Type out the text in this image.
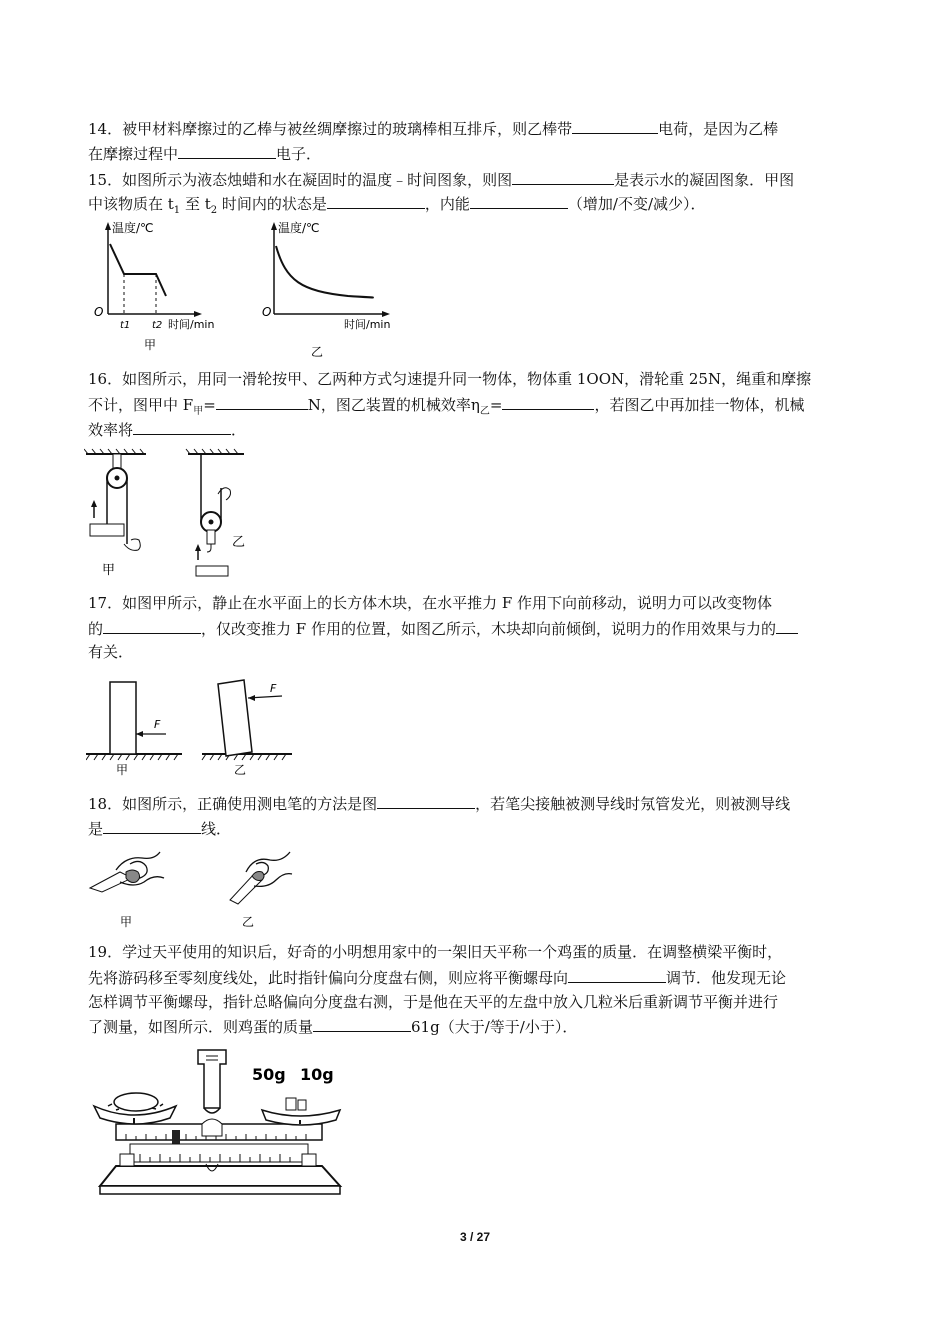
14．被甲材料摩擦过的乙棒与被丝绸摩擦过的玻璃棒相互排斥，则乙棒带	电荷，是因为乙棒
在摩擦过程中	电子．
15．如图所示为液态烛蜡和水在凝固时的温度﹣时间图象，则图	是表示水的凝固图象．甲图
中该物质在 $t_1$ 至 $t_2$ 时间内的状态是	，内能	（增加/不变/减少）．
温度/℃
O
t1 t2 时间/min
甲
温度/℃
O
时间/min
乙
16．如图所示，用同一滑轮按甲、乙两种方式匀速提升同一物体，物体重 1OON，滑轮重 25N，绳重和摩擦
不计，图甲中 $F_甲=$	N，图乙装置的机械效率$\eta_乙=$	，若图乙中再加挂一物体，机械
效率将	．
甲
乙
17．如图甲所示，静止在水平面上的长方体木块，在水平推力 F 作用下向前移动，说明力可以改变物体
的	，仅改变推力 F 作用的位置，如图乙所示，木块却向前倾倒，说明力的作用效果与力的
有关．
F
甲
F
乙
18．如图所示，正确使用测电笔的方法是图	，若笔尖接触被测导线时氖管发光，则被测导线
是	线．
甲	乙
19．学过天平使用的知识后，好奇的小明想用家中的一架旧天平称一个鸡蛋的质量．在调整横梁平衡时，
先将游码移至零刻度线处，此时指针偏向分度盘右侧，则应将平衡螺母向	调节．他发现无论
怎样调节平衡螺母，指针总略偏向分度盘右测，于是他在天平的左盘中放入几粒米后重新调节平衡并进行
了测量，如图所示．则鸡蛋的质量	61g（大于/等于/小于）．
50g 10g
3 / 27
